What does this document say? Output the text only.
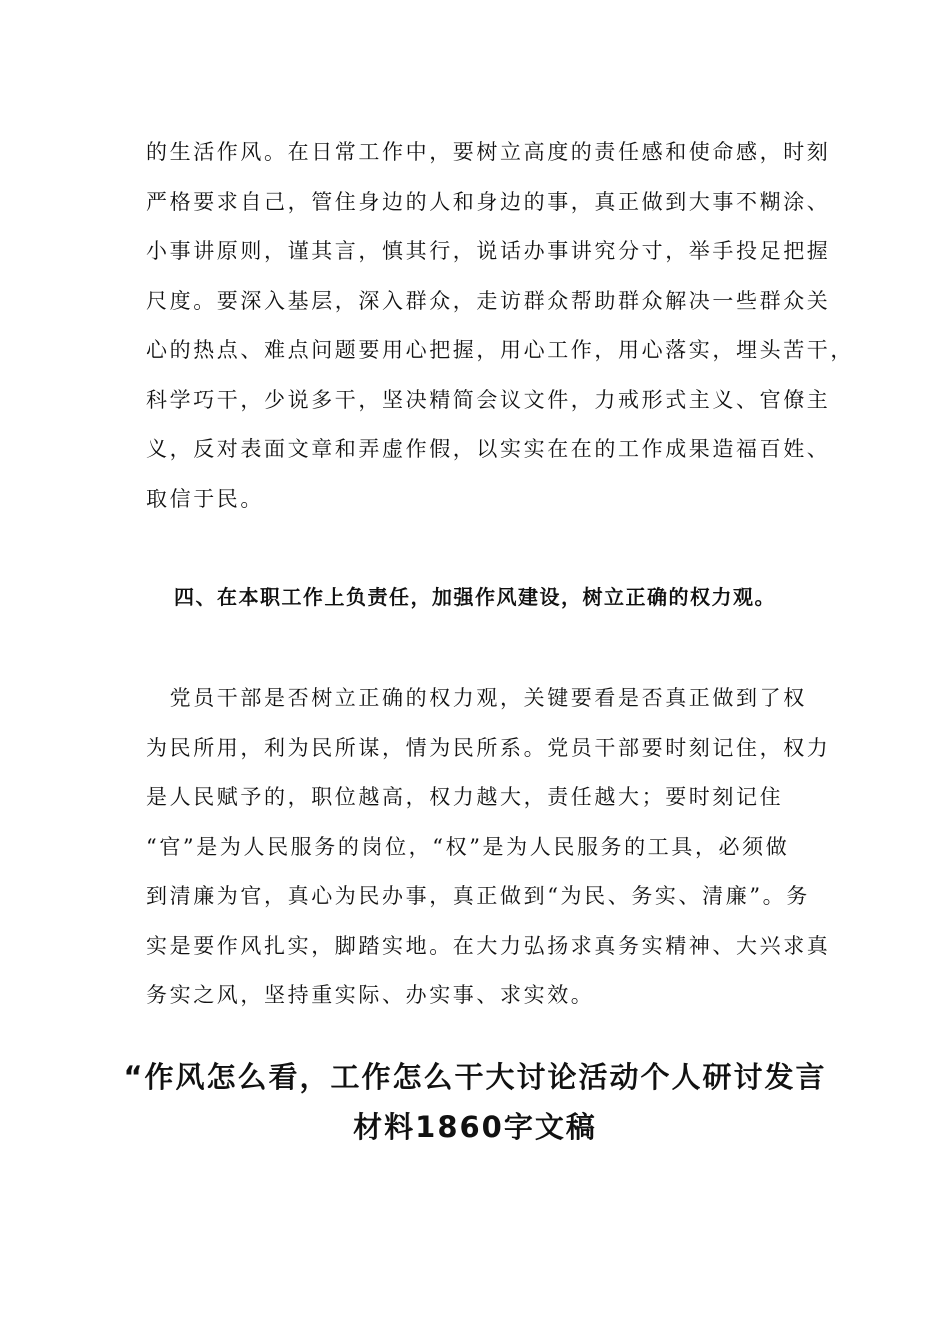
的生活作风。在日常工作中，要树立高度的责任感和使命感，时刻
严格要求自己，管住身边的人和身边的事，真正做到大事不糊涂、
小事讲原则，谨其言，慎其行，说话办事讲究分寸，举手投足把握
尺度。要深入基层，深入群众，走访群众帮助群众解决一些群众关
心的热点、难点问题要用心把握，用心工作，用心落实，埋头苦干，
科学巧干，少说多干，坚决精简会议文件，力戒形式主义、官僚主
义，反对表面文章和弄虚作假，以实实在在的工作成果造福百姓、
取信于民。
四、在本职工作上负责任，加强作风建设，树立正确的权力观。
　党员干部是否树立正确的权力观，关键要看是否真正做到了权
为民所用，利为民所谋，情为民所系。党员干部要时刻记住，权力
是人民赋予的，职位越高，权力越大，责任越大；要时刻记住
“官”是为人民服务的岗位，“权”是为人民服务的工具，必须做
到清廉为官，真心为民办事，真正做到“为民、务实、清廉”。务
实是要作风扎实，脚踏实地。在大力弘扬求真务实精神、大兴求真
务实之风，坚持重实际、办实事、求实效。
“作风怎么看，工作怎么干大讨论活动个人研讨发言
材料1860字文稿
